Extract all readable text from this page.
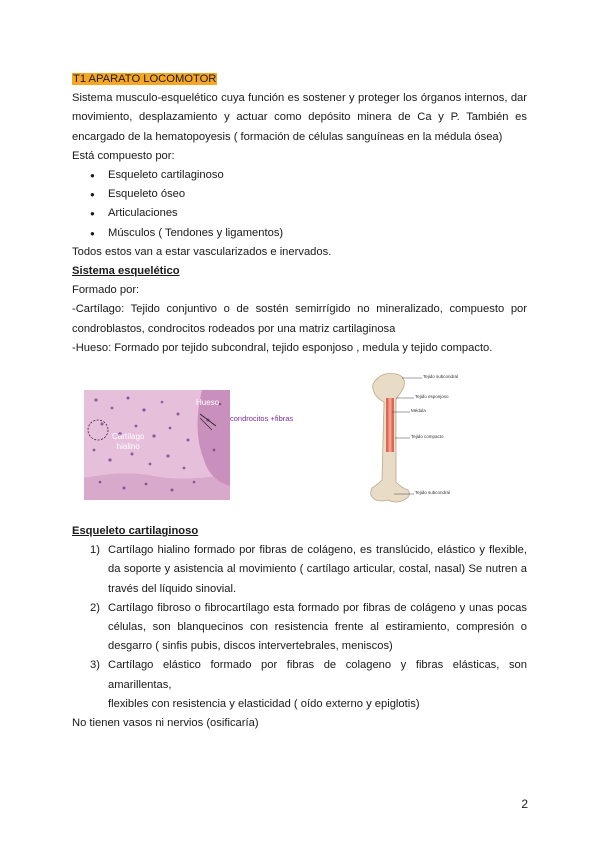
T1 APARATO LOCOMOTOR

Sistema musculo-esquelético cuya función es sostener y proteger los órganos internos, dar

movimiento, desplazamiento y actuar como depósito minera de Ca y P. También es

encargado de la hematopoyesis ( formación de células sanguíneas en la médula ósea)

Está compuesto por:

● Esqueleto cartilaginoso
● Esqueleto óseo
● Articulaciones
● Músculos ( Tendones y ligamentos)

Todos estos van a estar vascularizados e inervados.

Sistema esquelético

Formado por:

-Cartílago: Tejido conjuntivo o de sostén semirrígido no mineralizado, compuesto por

condroblastos, condrocitos rodeados por una matriz cartilaginosa

-Hueso: Formado por tejido subcondral, tejido esponjoso , medula y tejido compacto.

Hueso
condrocitos +fibras
Cartílago
hialino
Tejido subcondral
Tejido esponjoso
Médula
Tejido compacto
Tejido subcondral

Esqueleto cartilaginoso

1) Cartílago hialino formado por fibras de colágeno, es translúcido, elástico y flexible,

da soporte y asistencia al movimiento ( cartílago articular, costal, nasal) Se nutren a

través del líquido sinovial.

2) Cartílago fibroso o fibrocartílago esta formado por fibras de colágeno y unas pocas

células, son blanquecinos con resistencia frente al estiramiento, compresión o

desgarro ( sinfis pubis, discos intervertebrales, meniscos)

3) Cartílago elástico formado por fibras de colageno y fibras elásticas, son amarillentas,

flexibles con resistencia y elasticidad ( oído externo y epiglotis)

No tienen vasos ni nervios (osificaría)

2
